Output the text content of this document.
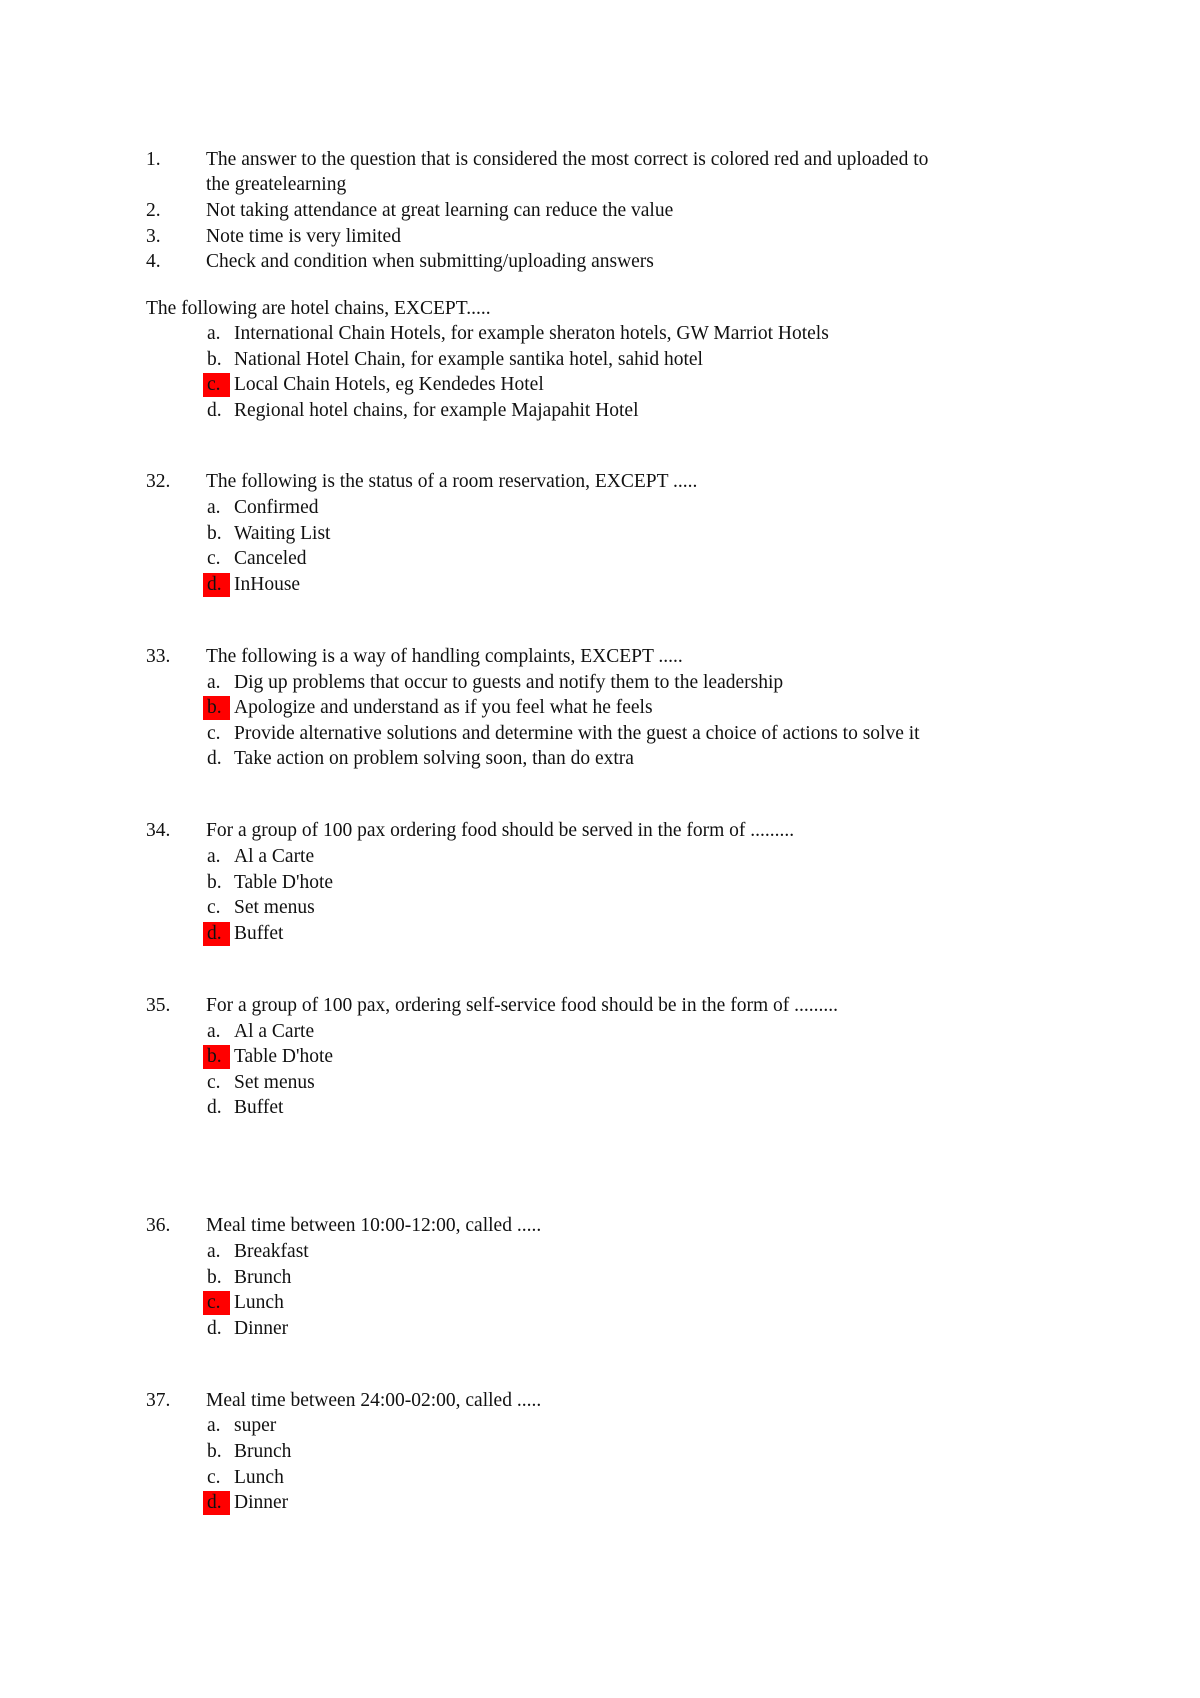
1. The answer to the question that is considered the most correct is colored red and uploaded to
the greatelearning
2. Not taking attendance at great learning can reduce the value
3. Note time is very limited
4. Check and condition when submitting/uploading answers
The following are hotel chains, EXCEPT.....
a. International Chain Hotels, for example sheraton hotels, GW Marriot Hotels
b. National Hotel Chain, for example santika hotel, sahid hotel
c. Local Chain Hotels, eg Kendedes Hotel
d. Regional hotel chains, for example Majapahit Hotel
32. The following is the status of a room reservation, EXCEPT .....
a. Confirmed
b. Waiting List
c. Canceled
d. InHouse
33. The following is a way of handling complaints, EXCEPT .....
a. Dig up problems that occur to guests and notify them to the leadership
b. Apologize and understand as if you feel what he feels
c. Provide alternative solutions and determine with the guest a choice of actions to solve it
d. Take action on problem solving soon, than do extra
34. For a group of 100 pax ordering food should be served in the form of .........
a. Al a Carte
b. Table D'hote
c. Set menus
d. Buffet
35. For a group of 100 pax, ordering self-service food should be in the form of .........
a. Al a Carte
b. Table D'hote
c. Set menus
d. Buffet
36. Meal time between 10:00-12:00, called .....
a. Breakfast
b. Brunch
c. Lunch
d. Dinner
37. Meal time between 24:00-02:00, called .....
a. super
b. Brunch
c. Lunch
d. Dinner
